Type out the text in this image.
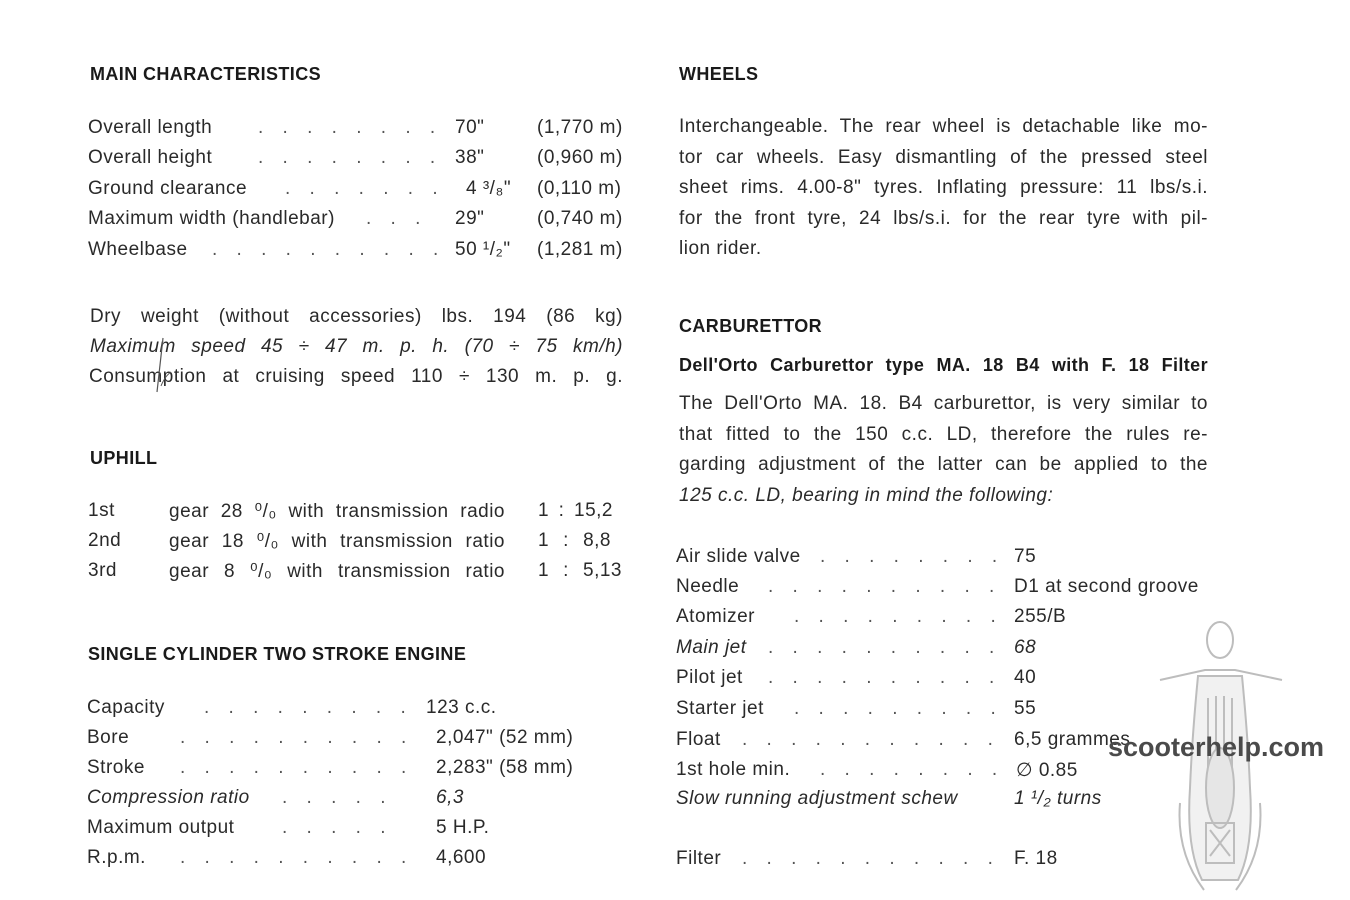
MAIN CHARACTERISTICS
Overall length . . . . . . . . 70"	(1,770 m)
Overall height . . . . . . . . 38"	(0,960 m)
Ground clearance . . . . . . . 4 ³/₈" (0,110 m)
Maximum width (handlebar) . . . 29"	(0,740 m)
Wheelbase . . . . . . . . . . 50 ¹/₂" (1,281 m)
Dry weight (without accessories) lbs. 194 (86 kg)
Maximum speed 45 ÷ 47 m. p. h. (70 ÷ 75 km/h)
Consumption at cruising speed 110 ÷ 130 m. p. g.
UPHILL
1st	gear 28 ⁰/₀ with transmission radio 1 : 15,2
2nd	gear 18 ⁰/₀ with transmission ratio 1 : 8,8
3rd	gear 8 ⁰/₀ with transmission ratio 1 : 5,13
SINGLE CYLINDER TWO STROKE ENGINE
Capacity . . . . . . . . . 123 c.c.
Bore	. . . . . . . . . . 2,047" (52 mm)
Stroke . . . . . . . . . . 2,283" (58 mm)
Compression ratio . . . . . 6,3
Maximum output	. . . . . 5 H.P.
R.p.m. . . . . . . . . . . 4,600
WHEELS
Interchangeable. The rear wheel is detachable like mo-
tor car wheels. Easy dismantling of the pressed steel
sheet rims. 4.00-8" tyres. Inflating pressure: 11 lbs/s.i.
for the front tyre, 24 lbs/s.i. for the rear tyre with pil-
lion rider.
CARBURETTOR
Dell'Orto Carburettor type MA. 18 B4 with F. 18 Filter
The Dell'Orto MA. 18. B4 carburettor, is very similar to
that fitted to the 150 c.c. LD, therefore the rules re-
garding adjustment of the latter can be applied to the
125 c.c. LD, bearing in mind the following:
Air slide valve . . . . . . . . 75
Needle . . . . . . . . . . D1 at second groove
Atomizer . . . . . . . . . 255/B
Main jet . . . . . . . . . . 68
Pilot jet . . . . . . . . . . 40
Starter jet . . . . . . . . . 55
Float . . . . . . . . . . . 6,5 grammes
1st hole min. . . . . . . . . ∅ 0.85
Slow running adjustment schew	1 ¹/₂ turns
Filter . . . . . . . . . . . F. 18
scooterhelp.com
